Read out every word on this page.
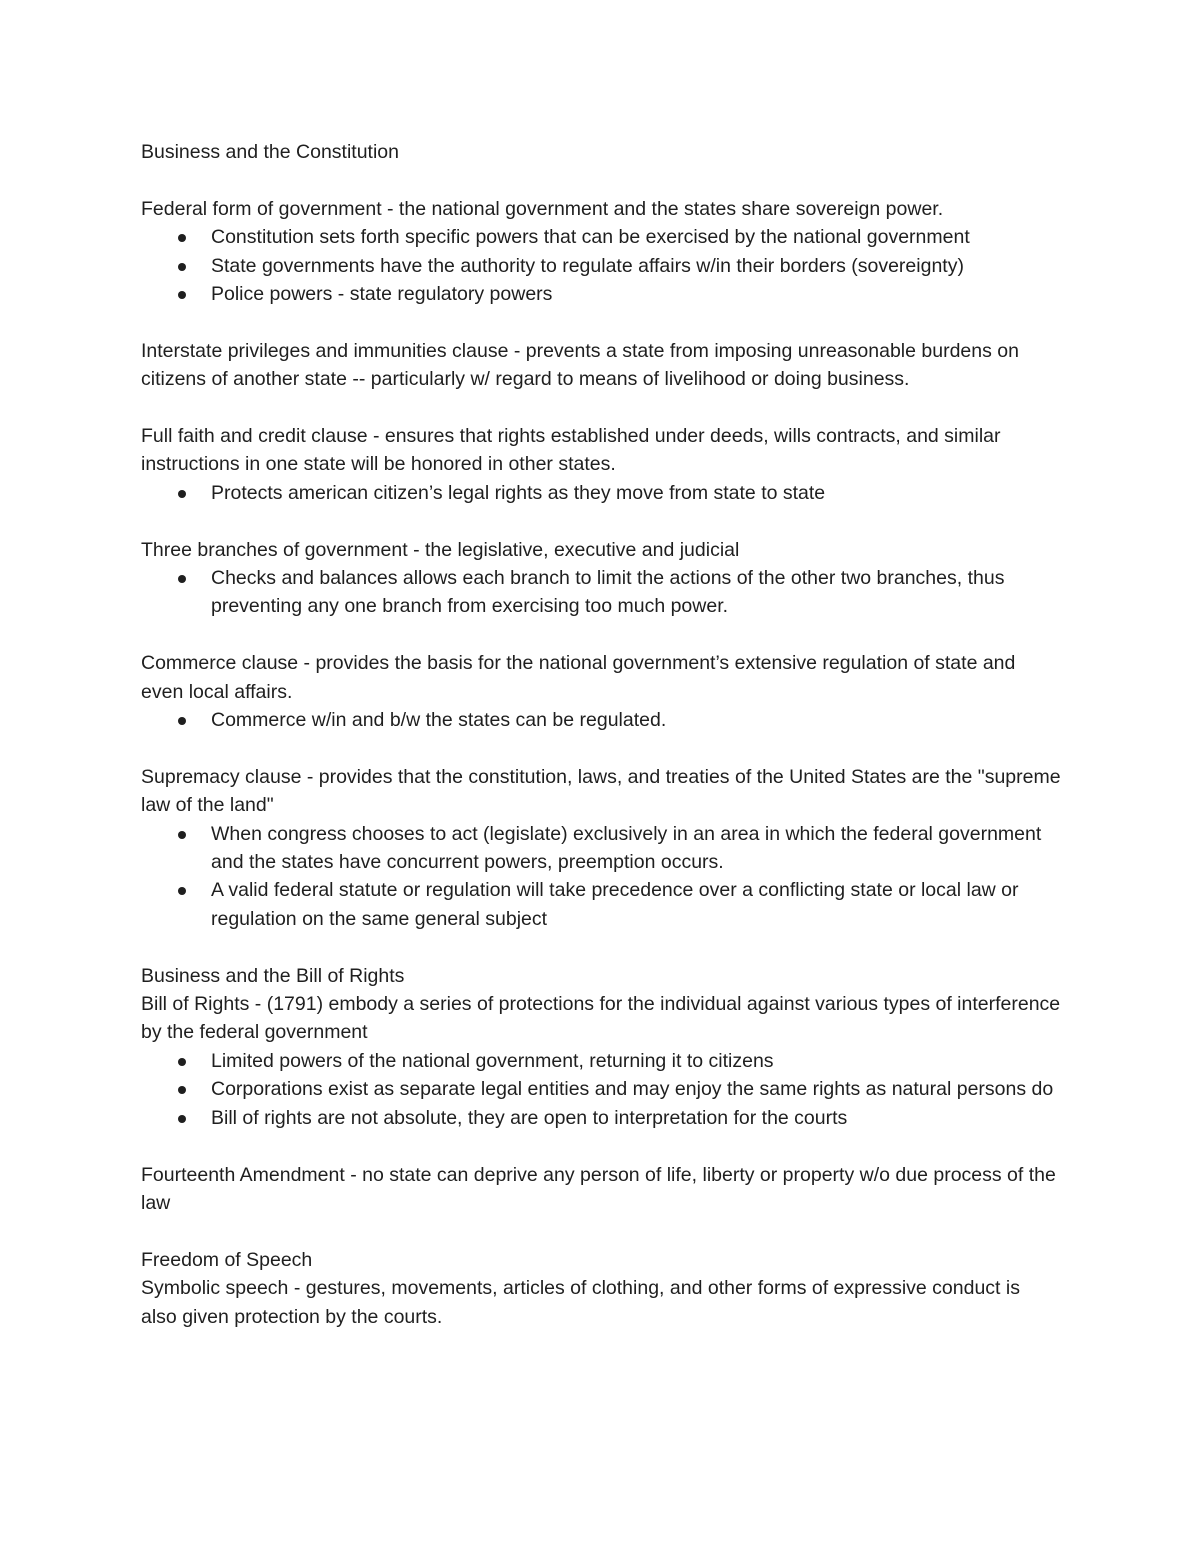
Business and the Constitution

Federal form of government - the national government and the states share sovereign power.

Constitution sets forth specific powers that can be exercised by the national government
State governments have the authority to regulate affairs w/in their borders (sovereignty)
Police powers - state regulatory powers

Interstate privileges and immunities clause - prevents a state from imposing unreasonable burdens on citizens of another state -- particularly w/ regard to means of livelihood or doing business.

Full faith and credit clause - ensures that rights established under deeds, wills contracts, and similar instructions in one state will be honored in other states.

Protects american citizen’s legal rights as they move from state to state

Three branches of government - the legislative, executive and judicial

Checks and balances allows each branch to limit the actions of the other two branches, thus preventing any one branch from exercising too much power.

Commerce clause - provides the basis for the national government’s extensive regulation of state and even local affairs.

Commerce w/in and b/w the states can be regulated.

Supremacy clause - provides that the constitution, laws, and treaties of the United States are the "supreme law of the land"

When congress chooses to act (legislate) exclusively in an area in which the federal government and the states have concurrent powers, preemption occurs.
A valid federal statute or regulation will take precedence over a conflicting state or local law or regulation on the same general subject

Business and the Bill of Rights

Bill of Rights - (1791) embody a series of protections for the individual against various types of interference by the federal government

Limited powers of the national government, returning it to citizens
Corporations exist as separate legal entities and may enjoy the same rights as natural persons do
Bill of rights are not absolute, they are open to interpretation for the courts

Fourteenth Amendment - no state can deprive any person of life, liberty or property w/o due process of the law

Freedom of Speech

Symbolic speech - gestures, movements, articles of clothing, and other forms of expressive conduct is also given protection by the courts.
